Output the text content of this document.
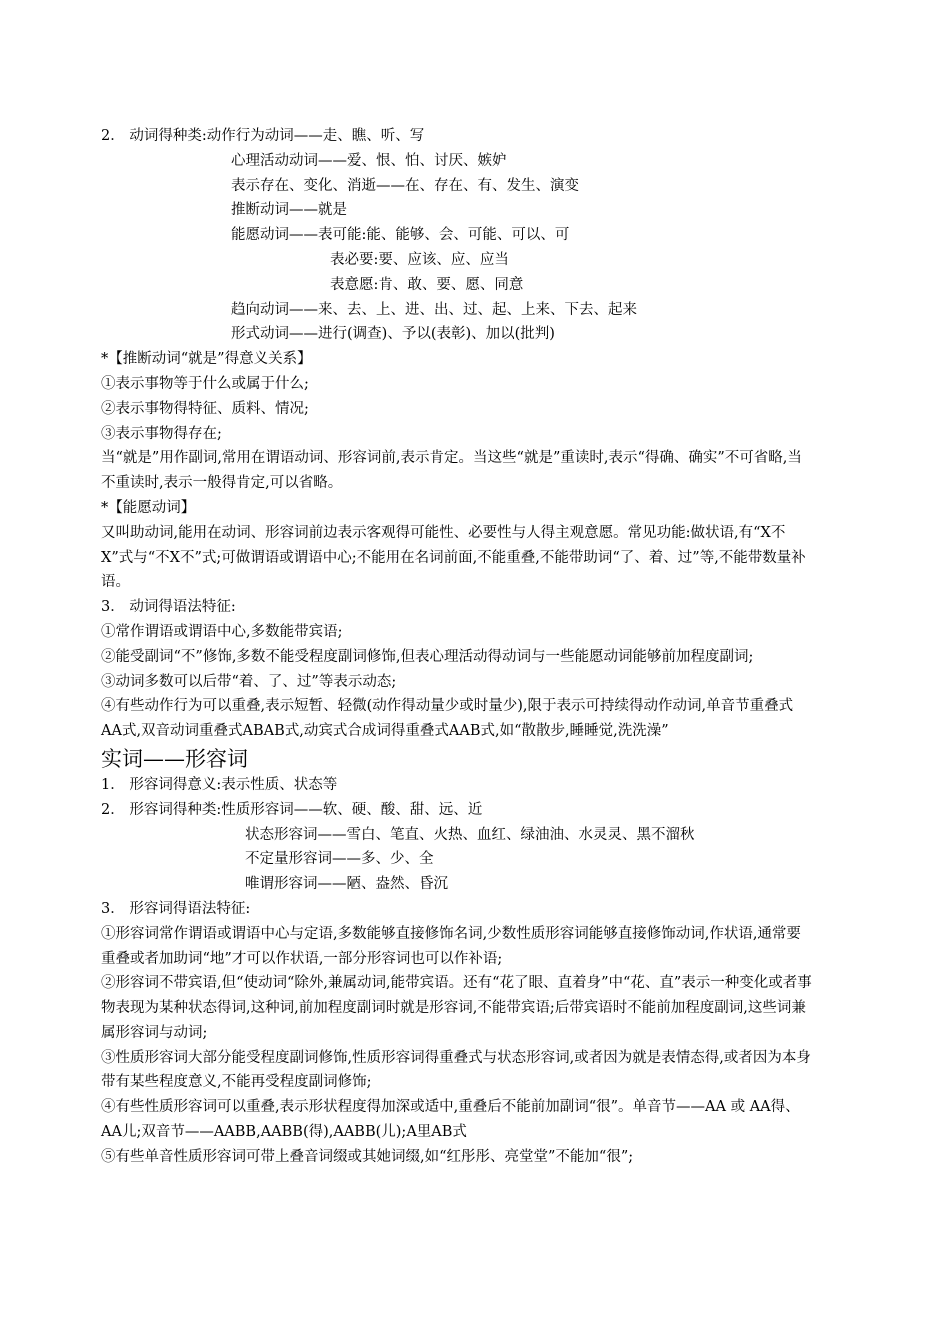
2． 动词得种类:动作行为动词——走、瞧、听、写
心理活动动词——爱、恨、怕、讨厌、嫉妒
表示存在、变化、消逝——在、存在、有、发生、演变
推断动词——就是
能愿动词——表可能:能、能够、会、可能、可以、可
表必要:要、应该、应、应当
表意愿:肯、敢、要、愿、同意
趋向动词——来、去、上、进、出、过、起、上来、下去、起来
形式动词——进行(调查)、予以(表彰)、加以(批判)
*【推断动词“就是”得意义关系】
①表示事物等于什么或属于什么;
②表示事物得特征、质料、情况;
③表示事物得存在;
当“就是”用作副词,常用在谓语动词、形容词前,表示肯定。当这些“就是”重读时,表示“得确、确实”不可省略,当不重读时,表示一般得肯定,可以省略。
*【能愿动词】
又叫助动词,能用在动词、形容词前边表示客观得可能性、必要性与人得主观意愿。常见功能:做状语,有“X不X”式与“不X不”式;可做谓语或谓语中心;不能用在名词前面,不能重叠,不能带助词“了、着、过”等,不能带数量补语。
3． 动词得语法特征:
①常作谓语或谓语中心,多数能带宾语;
②能受副词“不”修饰,多数不能受程度副词修饰,但表心理活动得动词与一些能愿动词能够前加程度副词;
③动词多数可以后带“着、了、过”等表示动态;
④有些动作行为可以重叠,表示短暂、轻微(动作得动量少或时量少),限于表示可持续得动作动词,单音节重叠式AA式,双音动词重叠式ABAB式,动宾式合成词得重叠式AAB式,如“散散步,睡睡觉,洗洗澡”
实词——形容词
1． 形容词得意义:表示性质、状态等
2． 形容词得种类:性质形容词——软、硬、酸、甜、远、近
状态形容词——雪白、笔直、火热、血红、绿油油、水灵灵、黑不溜秋
不定量形容词——多、少、全
唯谓形容词——陋、盎然、昏沉
3． 形容词得语法特征:
①形容词常作谓语或谓语中心与定语,多数能够直接修饰名词,少数性质形容词能够直接修饰动词,作状语,通常要重叠或者加助词“地”才可以作状语,一部分形容词也可以作补语;
②形容词不带宾语,但“使动词“除外,兼属动词,能带宾语。还有“花了眼、直着身”中“花、直”表示一种变化或者事物表现为某种状态得词,这种词,前加程度副词时就是形容词,不能带宾语;后带宾语时不能前加程度副词,这些词兼属形容词与动词;
③性质形容词大部分能受程度副词修饰,性质形容词得重叠式与状态形容词,或者因为就是表情态得,或者因为本身带有某些程度意义,不能再受程度副词修饰;
④有些性质形容词可以重叠,表示形状程度得加深或适中,重叠后不能前加副词“很”。单音节——AA 或 AA得、 AA儿;双音节——AABB,AABB(得),AABB(儿);A里AB式
⑤有些单音性质形容词可带上叠音词缀或其她词缀,如“红彤彤、亮堂堂”不能加“很”;
